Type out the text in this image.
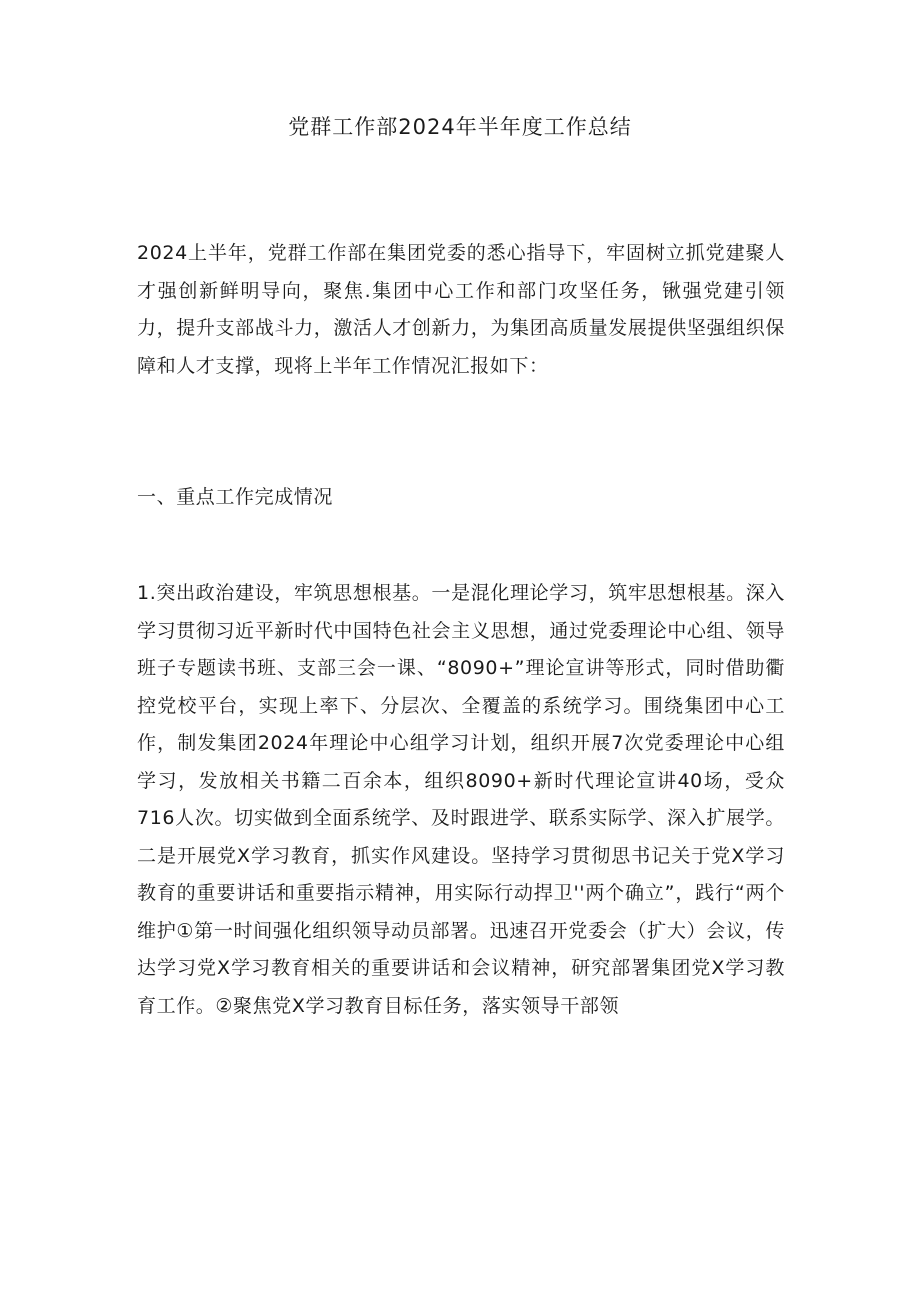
党群工作部2024年半年度工作总结

2024上半年，党群工作部在集团党委的悉心指导下，牢固树立抓党建聚人才强创新鲜明导向，聚焦.集团中心工作和部门攻坚任务，锹强党建引领力，提升支部战斗力，激活人才创新力，为集团高质量发展提供坚强组织保障和人才支撑，现将上半年工作情况汇报如下：

一、重点工作完成情况

1.突出政治建设，牢筑思想根基。一是混化理论学习，筑牢思想根基。深入学习贯彻习近平新时代中国特色社会主义思想，通过党委理论中心组、领导班子专题读书班、支部三会一课、“8090+”理论宣讲等形式，同时借助衢控党校平台，实现上率下、分层次、全覆盖的系统学习。围绕集团中心工作，制发集团2024年理论中心组学习计划，组织开展7次党委理论中心组学习，发放相关书籍二百余本，组织8090+新时代理论宣讲40场，受众716人次。切实做到全面系统学、及时跟进学、联系实际学、深入扩展学。二是开展党X学习教育，抓实作风建设。坚持学习贯彻思书记关于党X学习教育的重要讲话和重要指示精神，用实际行动捍卫''两个确立”，践行“两个维护①第一时间强化组织领导动员部署。迅速召开党委会（扩大）会议，传达学习党X学习教育相关的重要讲话和会议精神，研究部署集团党X学习教育工作。②聚焦党X学习教育目标任务，落实领导干部领
